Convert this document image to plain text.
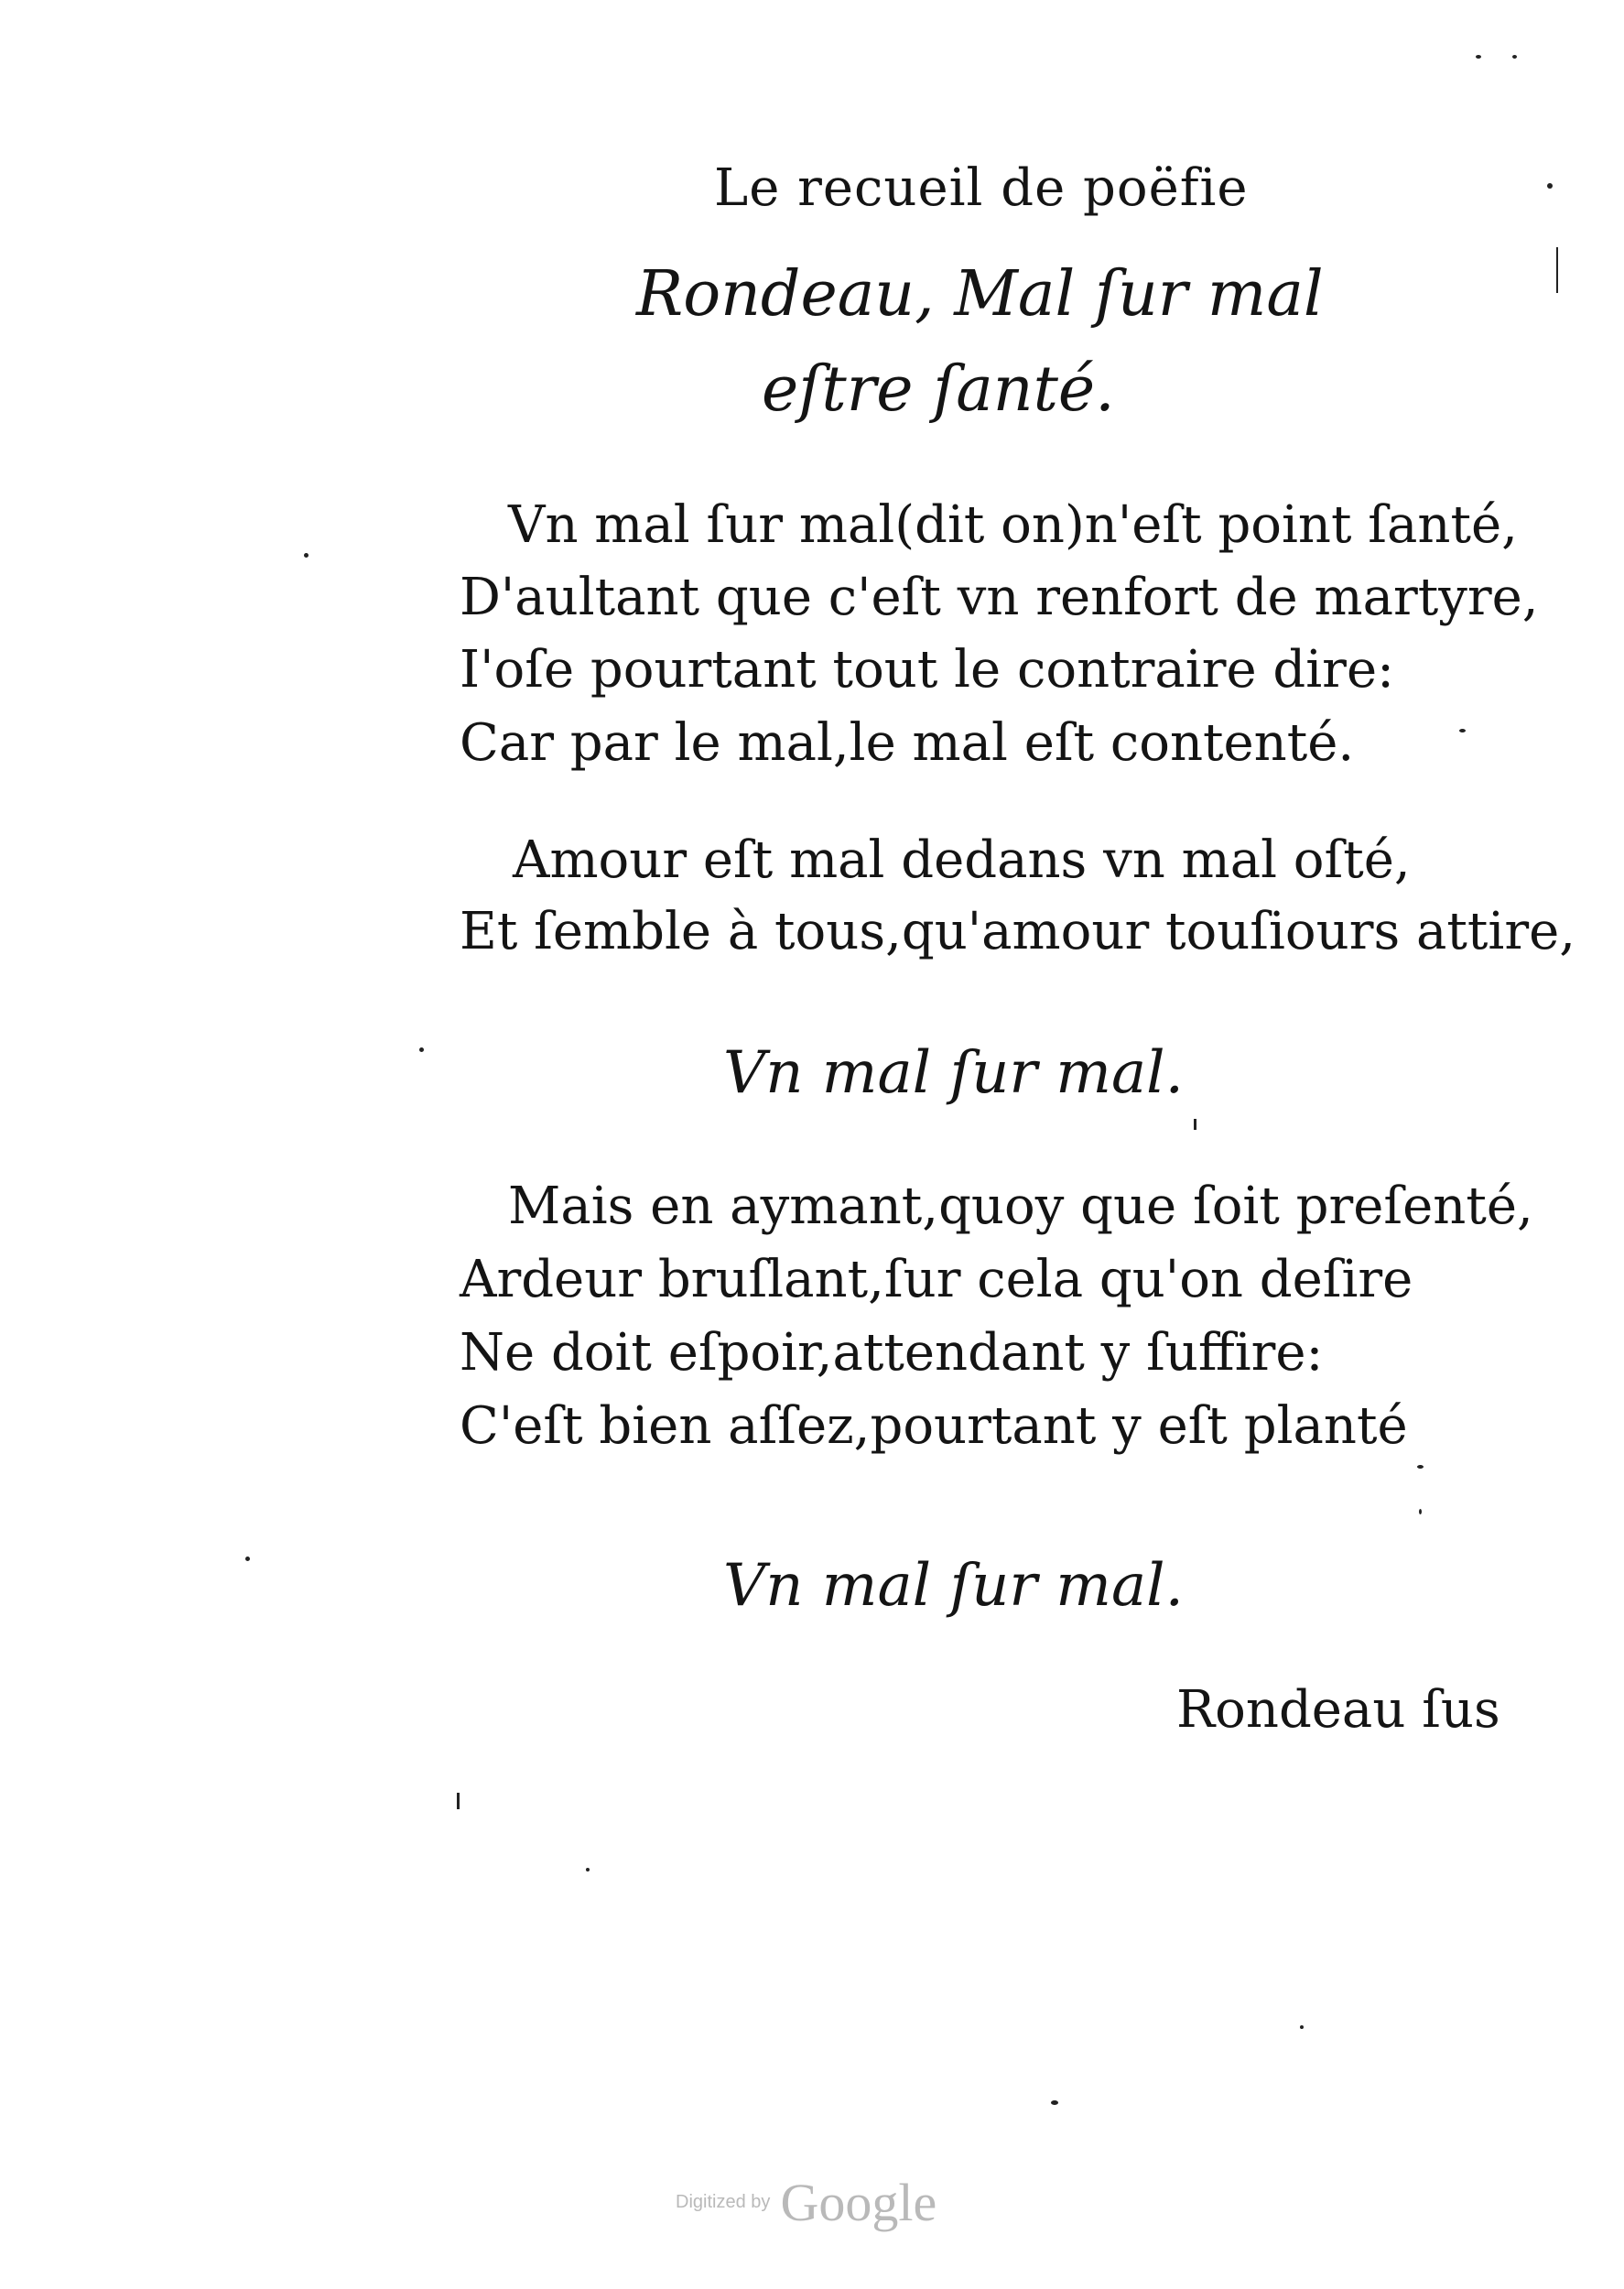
Le recueil de poëfie
Rondeau, Mal ſur mal
eſtre ſanté.
Vn mal ſur mal(dit on)n'eſt point ſanté,
D'aultant que c'eſt vn renfort de martyre,
I'oſe pourtant tout le contraire dire:
Car par le mal,le mal eſt contenté.
Amour eſt mal dedans vn mal oſté,
Et ſemble à tous,qu'amour touſiours attire,
Vn mal ſur mal.
Mais en aymant,quoy que ſoit preſenté,
Ardeur bruſlant,ſur cela qu'on deſire
Ne doit eſpoir,attendant y ſuffire:
C'eſt bien aſſez,pourtant y eſt planté
Vn mal ſur mal.
Rondeau ſus
Digitized by Google
